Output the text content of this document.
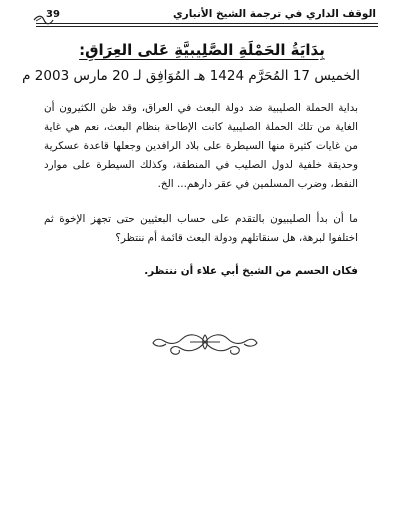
الوقف الداري في ترجمة الشيخ الأنباري
39
بِدَايَةُ الحَمْلَةِ الصَّلِيبيَّةِ عَلى العِرَاقِ:
الخميس 17 المُحَرَّم 1424 هـ المُوَافِق لـ 20 مارس 2003 م

بداية الحملة الصليبية ضد دولة البعث في العراق، وقد ظن الكثيرون أن الغاية من تلك الحملة الصليبية كانت الإطاحة بنظام البعث، نعم هي غاية من غايات كثيرة منها السيطرة على بلاد الرافدين وجعلها قاعدة عسكرية وحديقة خلفية لدول الصليب في المنطقة، وكذلك السيطرة على موارد النفط، وضرب المسلمين في عقر دارهم... الخ.

ما أن بدأ الصليبيون بالتقدم على حساب البعثيين حتى تجهز الإخوة ثم اختلفوا لبرهة، هل سنقاتلهم ودولة البعث قائمة أم ننتظر؟

فكان الحسم من الشيخ أبي علاء أن ننتظر.
